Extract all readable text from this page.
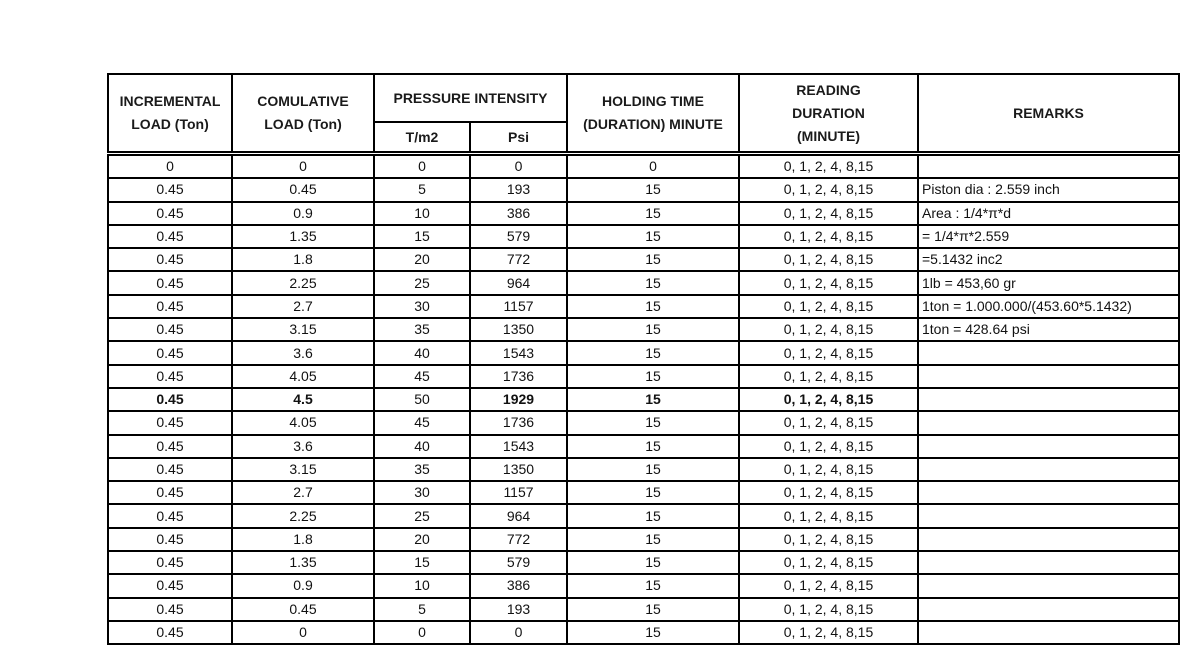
INCREMENTAL LOAD (Ton)	COMULATIVE LOAD (Ton)	PRESSURE INTENSITY		HOLDING TIME (DURATION) MINUTE	READING DURATION (MINUTE)	REMARKS
		T/m2	Psi			
0	0	0	0	0	0, 1, 2, 4, 8,15	
0.45	0.45	5	193	15	0, 1, 2, 4, 8,15	Piston dia : 2.559 inch
0.45	0.9	10	386	15	0, 1, 2, 4, 8,15	Area : 1/4*π*d
0.45	1.35	15	579	15	0, 1, 2, 4, 8,15	= 1/4*π*2.559
0.45	1.8	20	772	15	0, 1, 2, 4, 8,15	=5.1432 inc2
0.45	2.25	25	964	15	0, 1, 2, 4, 8,15	1lb = 453,60 gr
0.45	2.7	30	1157	15	0, 1, 2, 4, 8,15	1ton = 1.000.000/(453.60*5.1432)
0.45	3.15	35	1350	15	0, 1, 2, 4, 8,15	1ton = 428.64 psi
0.45	3.6	40	1543	15	0, 1, 2, 4, 8,15	
0.45	4.05	45	1736	15	0, 1, 2, 4, 8,15	
0.45	4.5	50	1929	15	0, 1, 2, 4, 8,15	
0.45	4.05	45	1736	15	0, 1, 2, 4, 8,15	
0.45	3.6	40	1543	15	0, 1, 2, 4, 8,15	
0.45	3.15	35	1350	15	0, 1, 2, 4, 8,15	
0.45	2.7	30	1157	15	0, 1, 2, 4, 8,15	
0.45	2.25	25	964	15	0, 1, 2, 4, 8,15	
0.45	1.8	20	772	15	0, 1, 2, 4, 8,15	
0.45	1.35	15	579	15	0, 1, 2, 4, 8,15	
0.45	0.9	10	386	15	0, 1, 2, 4, 8,15	
0.45	0.45	5	193	15	0, 1, 2, 4, 8,15	
0.45	0	0	0	15	0, 1, 2, 4, 8,15	
